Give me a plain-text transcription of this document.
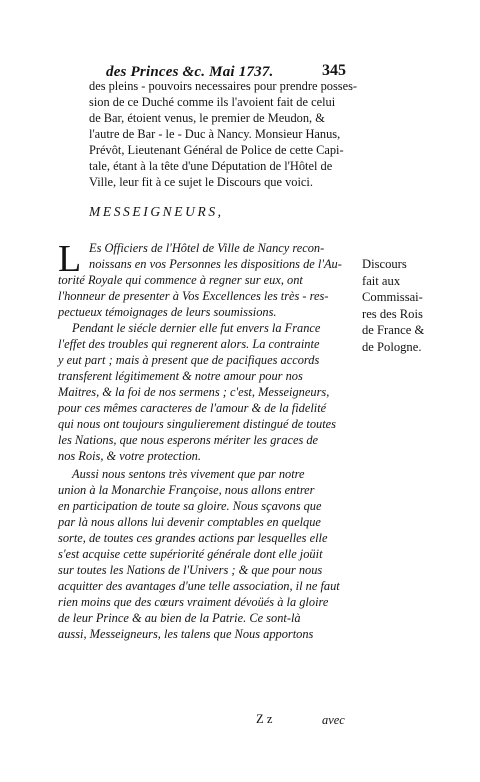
des Princes &c. Mai 1737.	345
des pleins - pouvoirs necessaires pour prendre posses-
sion de ce Duché comme ils l'avoient fait de celui
de Bar, étoient venus, le premier de Meudon, &
l'autre de Bar - le - Duc à Nancy. Monsieur Hanus,
Prévôt, Lieutenant Général de Police de cette Capi-
tale, étant à la tête d'une Députation de l'Hôtel de
Ville, leur fit à ce sujet le Discours que voici.
MESSEIGNEURS,
L Es Officiers de l'Hôtel de Ville de Nancy recon-
noissans en vos Personnes les dispositions de l'Au-
torité Royale qui commence à regner sur eux, ont
l'honneur de presenter à Vos Excellences les très - res-
pectueux témoignages de leurs soumissions.
Pendant le siécle dernier elle fut envers la France
l'effet des troubles qui regnerent alors. La contrainte
y eut part ; mais à present que de pacifiques accords
transferent légitimement & notre amour pour nos
Maitres, & la foi de nos sermens ; c'est, Messeigneurs,
pour ces mêmes caracteres de l'amour & de la fidelité
qui nous ont toujours singulierement distingué de toutes
les Nations, que nous esperons mériter les graces de
nos Rois, & votre protection.
Aussi nous sentons très vivement que par notre
union à la Monarchie Françoise, nous allons entrer
en participation de toute sa gloire. Nous sçavons que
par là nous allons lui devenir comptables en quelque
sorte, de toutes ces grandes actions par lesquelles elle
s'est acquise cette supériorité générale dont elle joüit
sur toutes les Nations de l'Univers ; & que pour nous
acquitter des avantages d'une telle association, il ne faut
rien moins que des cœurs vraiment dévoüés à la gloire
de leur Prince & au bien de la Patrie. Ce sont-là
aussi, Messeigneurs, les talens que Nous apportons
Discours
fait aux
Commissai-
res des Rois
de France &
de Pologne.
Z z	avec
